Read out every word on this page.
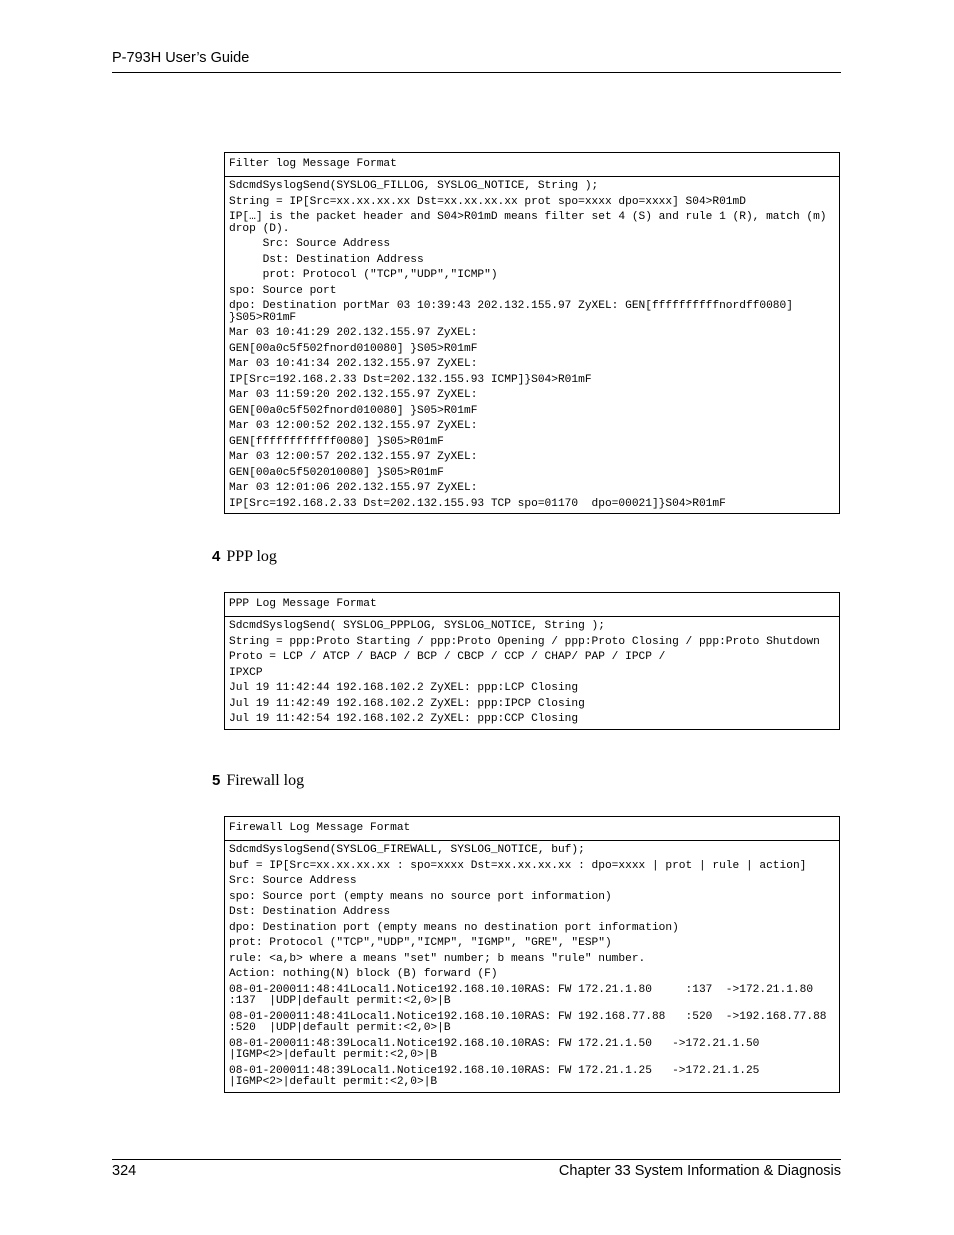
P-793H User’s Guide
Filter log Message Format
SdcmdSyslogSend(SYSLOG_FILLOG, SYSLOG_NOTICE, String );
String = IP[Src=xx.xx.xx.xx Dst=xx.xx.xx.xx prot spo=xxxx dpo=xxxx] S04>R01mD
IP[…] is the packet header and S04>R01mD means filter set 4 (S) and rule 1 (R), match (m) drop (D).
Src: Source Address
Dst: Destination Address
prot: Protocol ("TCP","UDP","ICMP")
spo: Source port
dpo: Destination portMar 03 10:39:43 202.132.155.97 ZyXEL: GEN[ffffffffffnordff0080] }S05>R01mF
Mar 03 10:41:29 202.132.155.97 ZyXEL:
GEN[00a0c5f502fnord010080] }S05>R01mF
Mar 03 10:41:34 202.132.155.97 ZyXEL:
IP[Src=192.168.2.33 Dst=202.132.155.93 ICMP]}S04>R01mF
Mar 03 11:59:20 202.132.155.97 ZyXEL:
GEN[00a0c5f502fnord010080] }S05>R01mF
Mar 03 12:00:52 202.132.155.97 ZyXEL:
GEN[ffffffffffff0080] }S05>R01mF
Mar 03 12:00:57 202.132.155.97 ZyXEL:
GEN[00a0c5f502010080] }S05>R01mF
Mar 03 12:01:06 202.132.155.97 ZyXEL:
IP[Src=192.168.2.33 Dst=202.132.155.93 TCP spo=01170  dpo=00021]}S04>R01mF
4 PPP log
PPP Log Message Format
SdcmdSyslogSend( SYSLOG_PPPLOG, SYSLOG_NOTICE, String );
String = ppp:Proto Starting / ppp:Proto Opening / ppp:Proto Closing / ppp:Proto Shutdown
Proto = LCP / ATCP / BACP / BCP / CBCP / CCP / CHAP/ PAP / IPCP /
IPXCP
Jul 19 11:42:44 192.168.102.2 ZyXEL: ppp:LCP Closing
Jul 19 11:42:49 192.168.102.2 ZyXEL: ppp:IPCP Closing
Jul 19 11:42:54 192.168.102.2 ZyXEL: ppp:CCP Closing
5 Firewall log
Firewall Log Message Format
SdcmdSyslogSend(SYSLOG_FIREWALL, SYSLOG_NOTICE, buf);
buf = IP[Src=xx.xx.xx.xx : spo=xxxx Dst=xx.xx.xx.xx : dpo=xxxx | prot | rule | action]
Src: Source Address
spo: Source port (empty means no source port information)
Dst: Destination Address
dpo: Destination port (empty means no destination port information)
prot: Protocol ("TCP","UDP","ICMP", "IGMP", "GRE", "ESP")
rule: <a,b> where a means "set" number; b means "rule" number.
Action: nothing(N) block (B) forward (F)
08-01-200011:48:41Local1.Notice192.168.10.10RAS: FW 172.21.1.80     :137  ->172.21.1.80     :137  |UDP|default permit:<2,0>|B
08-01-200011:48:41Local1.Notice192.168.10.10RAS: FW 192.168.77.88   :520  ->192.168.77.88   :520  |UDP|default permit:<2,0>|B
08-01-200011:48:39Local1.Notice192.168.10.10RAS: FW 172.21.1.50   ->172.21.1.50 |IGMP<2>|default permit:<2,0>|B
08-01-200011:48:39Local1.Notice192.168.10.10RAS: FW 172.21.1.25   ->172.21.1.25 |IGMP<2>|default permit:<2,0>|B
324	Chapter 33 System Information & Diagnosis
